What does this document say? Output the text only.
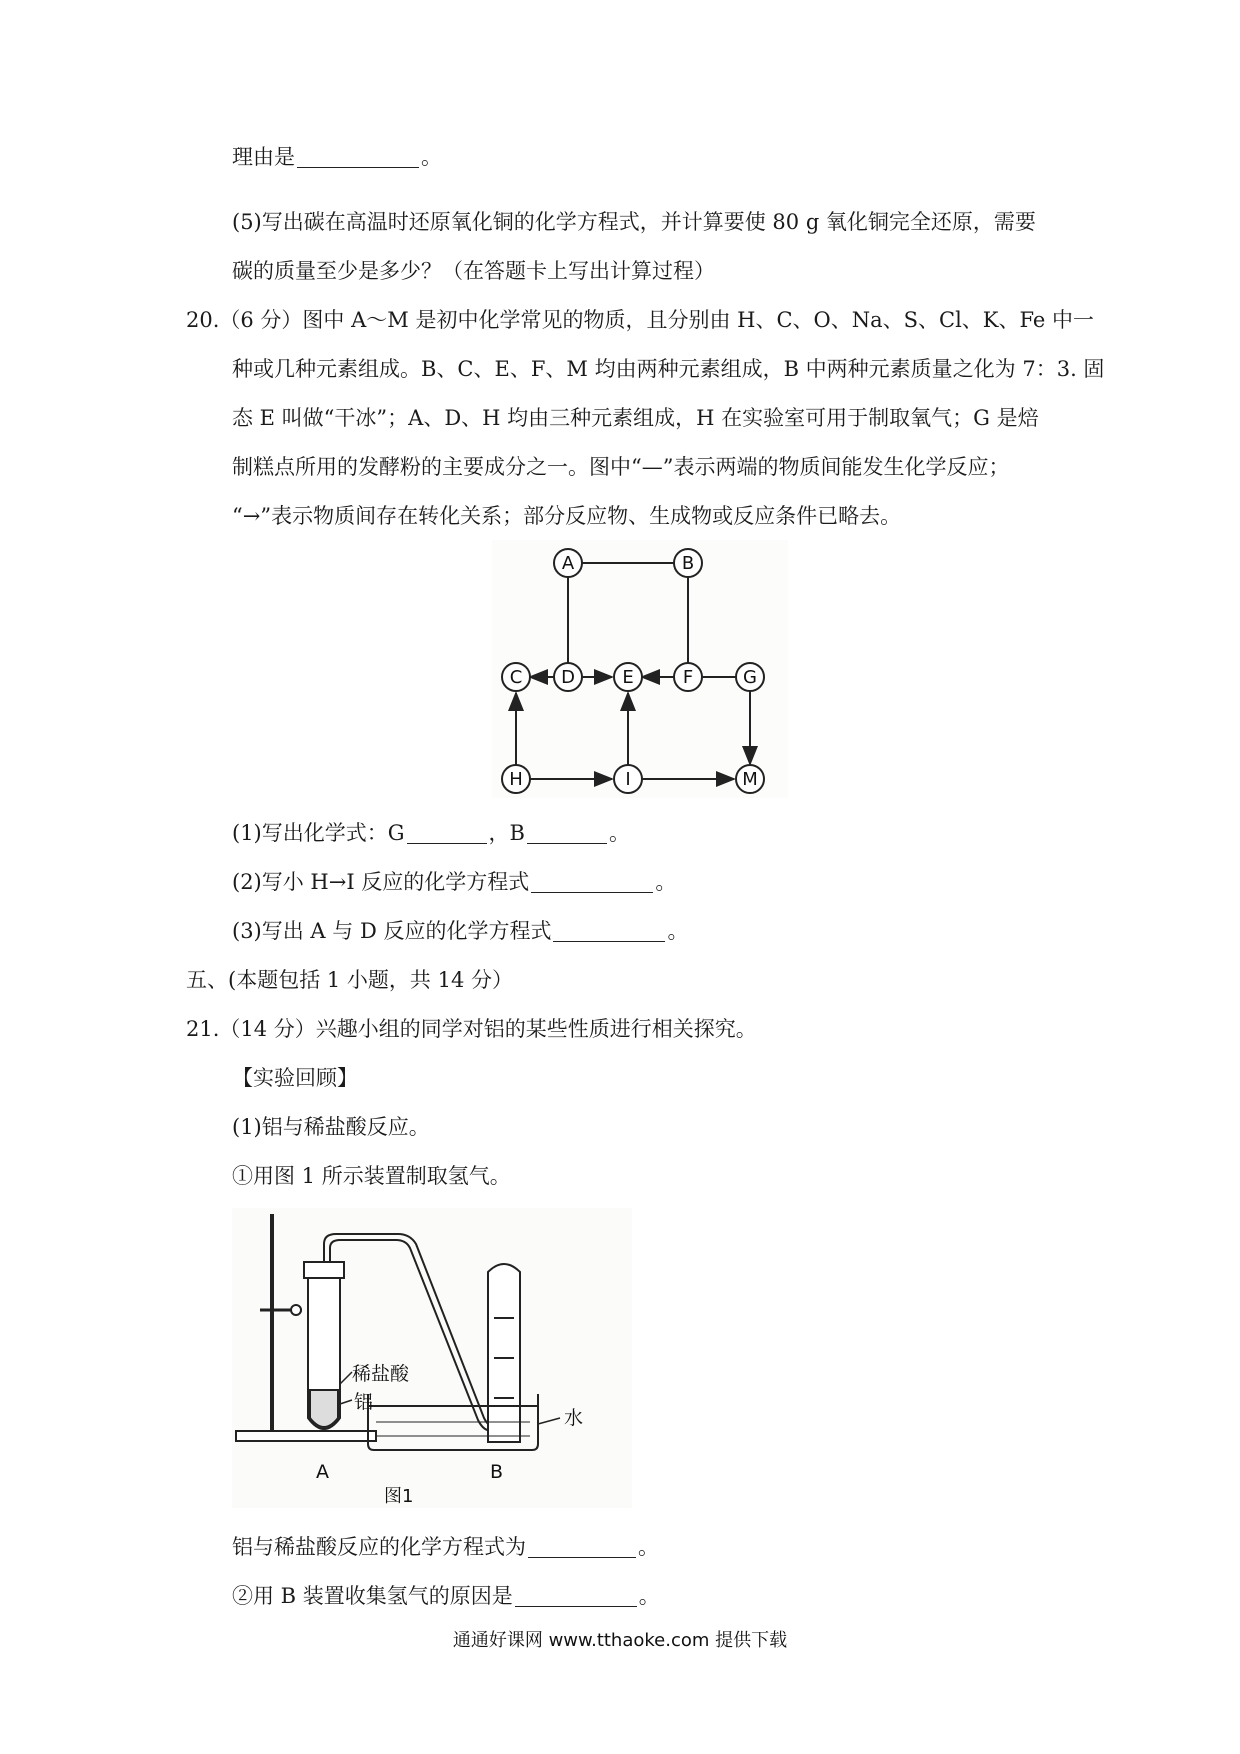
理由是	。
(5)写出碳在高温时还原氧化铜的化学方程式，并计算要使 80 g 氧化铜完全还原，需要
碳的质量至少是多少？（在答题卡上写出计算过程）
20.（6 分）图中 A～M 是初中化学常见的物质，且分别由 H、C、O、Na、S、Cl、K、Fe 中一
种或几种元素组成。B、C、E、F、M 均由两种元素组成，B 中两种元素质量之化为 7：3. 固
态 E 叫做“干冰”；A、D、H 均由三种元素组成，H 在实验室可用于制取氧气；G 是焙
制糕点所用的发酵粉的主要成分之一。图中“—”表示两端的物质间能发生化学反应；
“→”表示物质间存在转化关系；部分反应物、生成物或反应条件已略去。
A	B
C D	E	F	G
H	I	M
(1)写出化学式：G	，B	。
(2)写小 H→I 反应的化学方程式	。
(3)写出 A 与 D 反应的化学方程式	。
五、(本题包括 1 小题，共 14 分）
21.（14 分）兴趣小组的同学对铝的某些性质进行相关探究。
【实验回顾】
(1)铝与稀盐酸反应。
①用图 1 所示装置制取氢气。
稀盐酸
铝
水
A	B
图1
铝与稀盐酸反应的化学方程式为	。
②用 B 装置收集氢气的原因是	。
通通好课网 www.tthaoke.com 提供下载
